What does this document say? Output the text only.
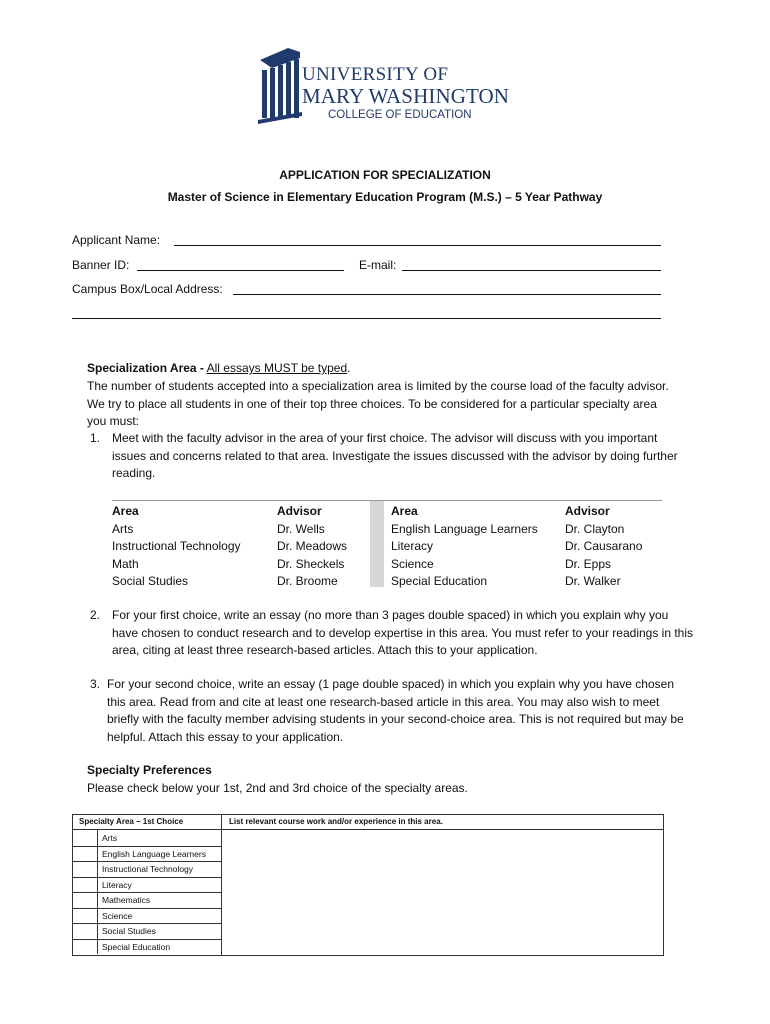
UNIVERSITY OF
MARY WASHINGTON
COLLEGE OF EDUCATION
APPLICATION FOR SPECIALIZATION
Master of Science in Elementary Education Program (M.S.) – 5 Year Pathway
Applicant Name:
Banner ID:	E-mail:
Campus Box/Local Address:
Specialization Area - All essays MUST be typed.
The number of students accepted into a specialization area is limited by the course load of the faculty advisor. We try to place all students in one of their top three choices. To be considered for a particular specialty area you must:
1. Meet with the faculty advisor in the area of your first choice. The advisor will discuss with you important issues and concerns related to that area. Investigate the issues discussed with the advisor by doing further reading.
Area
Arts
Instructional Technology
Math
Social Studies
Advisor
Dr. Wells
Dr. Meadows
Dr. Sheckels
Dr. Broome
Area
English Language Learners
Literacy
Science
Special Education
Advisor
Dr. Clayton
Dr. Causarano
Dr. Epps
Dr. Walker
2. For your first choice, write an essay (no more than 3 pages double spaced) in which you explain why you have chosen to conduct research and to develop expertise in this area. You must refer to your readings in this area, citing at least three research-based articles. Attach this to your application.
3. For your second choice, write an essay (1 page double spaced) in which you explain why you have chosen this area. Read from and cite at least one research-based article in this area. You may also wish to meet briefly with the faculty member advising students in your second-choice area. This is not required but may be helpful. Attach this essay to your application.
Specialty Preferences
Please check below your 1st, 2nd and 3rd choice of the specialty areas.
Specialty Area – 1st Choice	List relevant course work and/or experience in this area.
Arts
English Language Learners
Instructional Technology
Literacy
Mathematics
Science
Social Studies
Special Education
